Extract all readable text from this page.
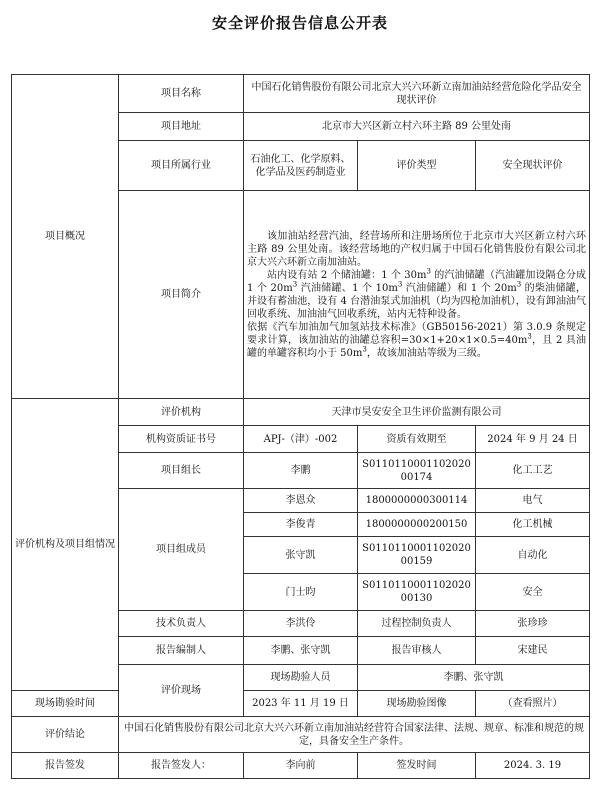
安全评价报告信息公开表
项目概况	项目名称	中国石化销售股份有限公司北京大兴六环新立南加油站经营危险化学品安全现状评价		
	项目地址	北京市大兴区新立村六环主路 89 公里处南		
	项目所属行业	石油化工、化学原料、化学品及医药制造业	评价类型	安全现状评价
	项目简介	该加油站经营汽油，经营场所和注册场所位于北京市大兴区新立村六环主路 89 公里处南。该经营场地的产权归属于中国石化销售股份有限公司北京大兴六环新立南加油站。

站内设有站 2 个储油罐：1 个 $30m^3$ 的汽油储罐（汽油罐加设隔仓分成 1 个 $20m^3$ 汽油储罐、1 个 $10m^3$ 汽油储罐）和 1 个 $20m^3$ 的柴油储罐，并设有蓄油池，设有 4 台潜油泵式加油机（均为四枪加油机），设有卸油油气回收系统、加油油气回收系统，站内无特种设备。

依据《汽车加油加气加氢站技术标准》（GB50156-2021）第 3.0.9 条规定要求计算，该加油站的油罐总容积$=30\times 1+20\times 1\times 0.5=40m^3$，且 2 具油罐的单罐容积均小于 $50m^3$，故该加油站等级为三级。		

评价机构及项目组情况	评价机构	天津市昊安安全卫生评价监测有限公司		
	机构资质证书号	APJ-（津）-002	资质有效期至	2024 年 9 月 24 日
	项目组长	李鹏	S011011000110202000174	化工工艺
	项目组成员	李恩众	1800000000300114	电气
		李俊青	1800000000200150	化工机械
		张守凯	S011011000110202000159	自动化
		门士昀	S011011000110202000130	安全
	技术负责人	李洪伶	过程控制负责人	张珍珍
	报告编制人	李鹏、张守凯	报告审核人	宋建民
	评价现场	现场勘验人员	李鹏、张守凯	
现场勘验时间		2023 年 11 月 19 日	现场勘验图像	（查看照片）
评价结论	中国石化销售股份有限公司北京大兴六环新立南加油站经营符合国家法律、法规、规章、标准和规范的规定，具备安全生产条件。			
报告签发	报告签发人：	李向前	签发时间	2024. 3. 19
